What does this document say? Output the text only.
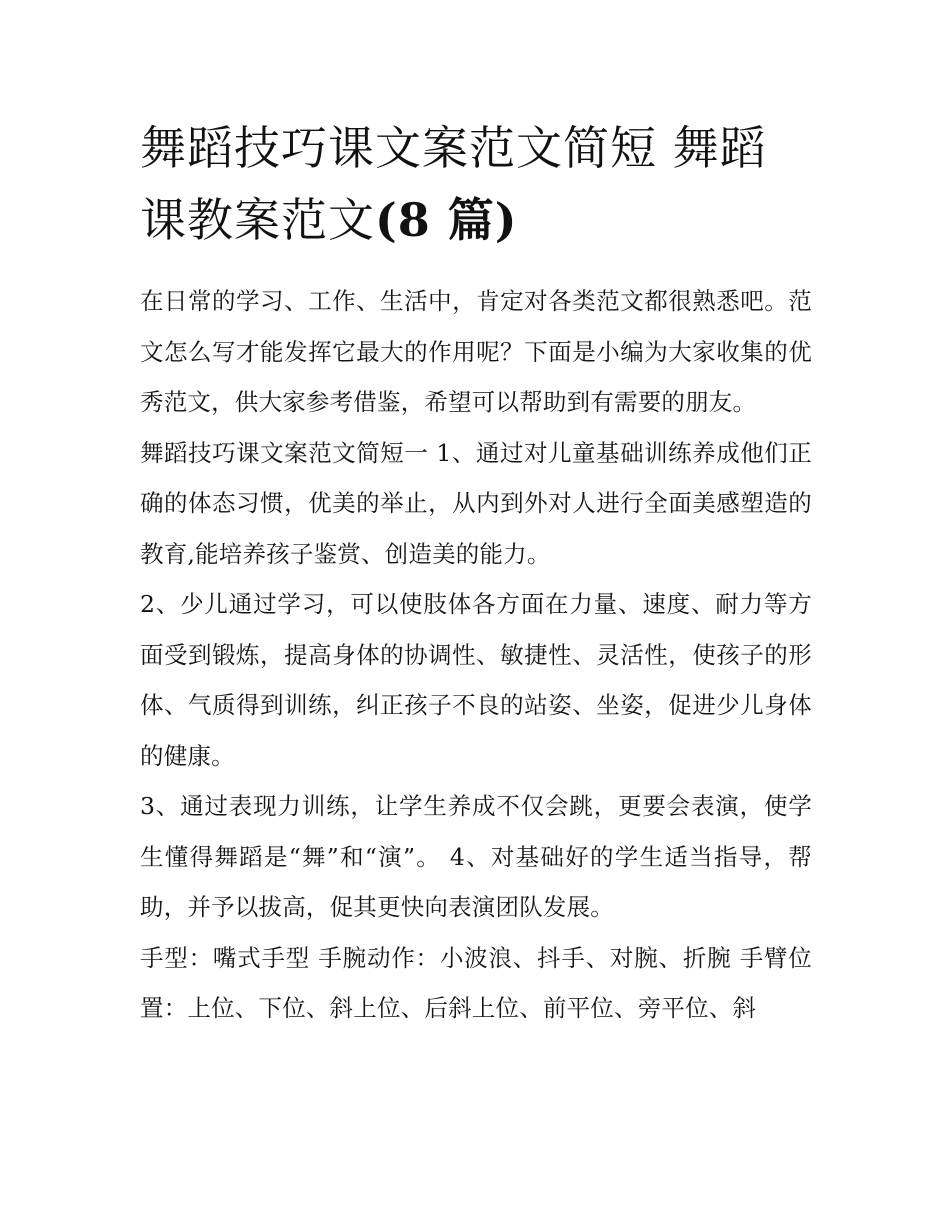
舞蹈技巧课文案范文简短 舞蹈课教案范文(8 篇)

在日常的学习、工作、生活中，肯定对各类范文都很熟悉吧。范文怎么写才能发挥它最大的作用呢？下面是小编为大家收集的优秀范文，供大家参考借鉴，希望可以帮助到有需要的朋友。

舞蹈技巧课文案范文简短一 1、通过对儿童基础训练养成他们正确的体态习惯，优美的举止，从内到外对人进行全面美感塑造的教育,能培养孩子鉴赏、创造美的能力。

2、少儿通过学习，可以使肢体各方面在力量、速度、耐力等方面受到锻炼，提高身体的协调性、敏捷性、灵活性，使孩子的形体、气质得到训练，纠正孩子不良的站姿、坐姿，促进少儿身体的健康。

3、通过表现力训练，让学生养成不仅会跳，更要会表演，使学生懂得舞蹈是“舞”和“演”。 4、对基础好的学生适当指导，帮助，并予以拔高，促其更快向表演团队发展。

手型：嘴式手型 手腕动作：小波浪、抖手、对腕、折腕 手臂位置：上位、下位、斜上位、后斜上位、前平位、旁平位、斜
